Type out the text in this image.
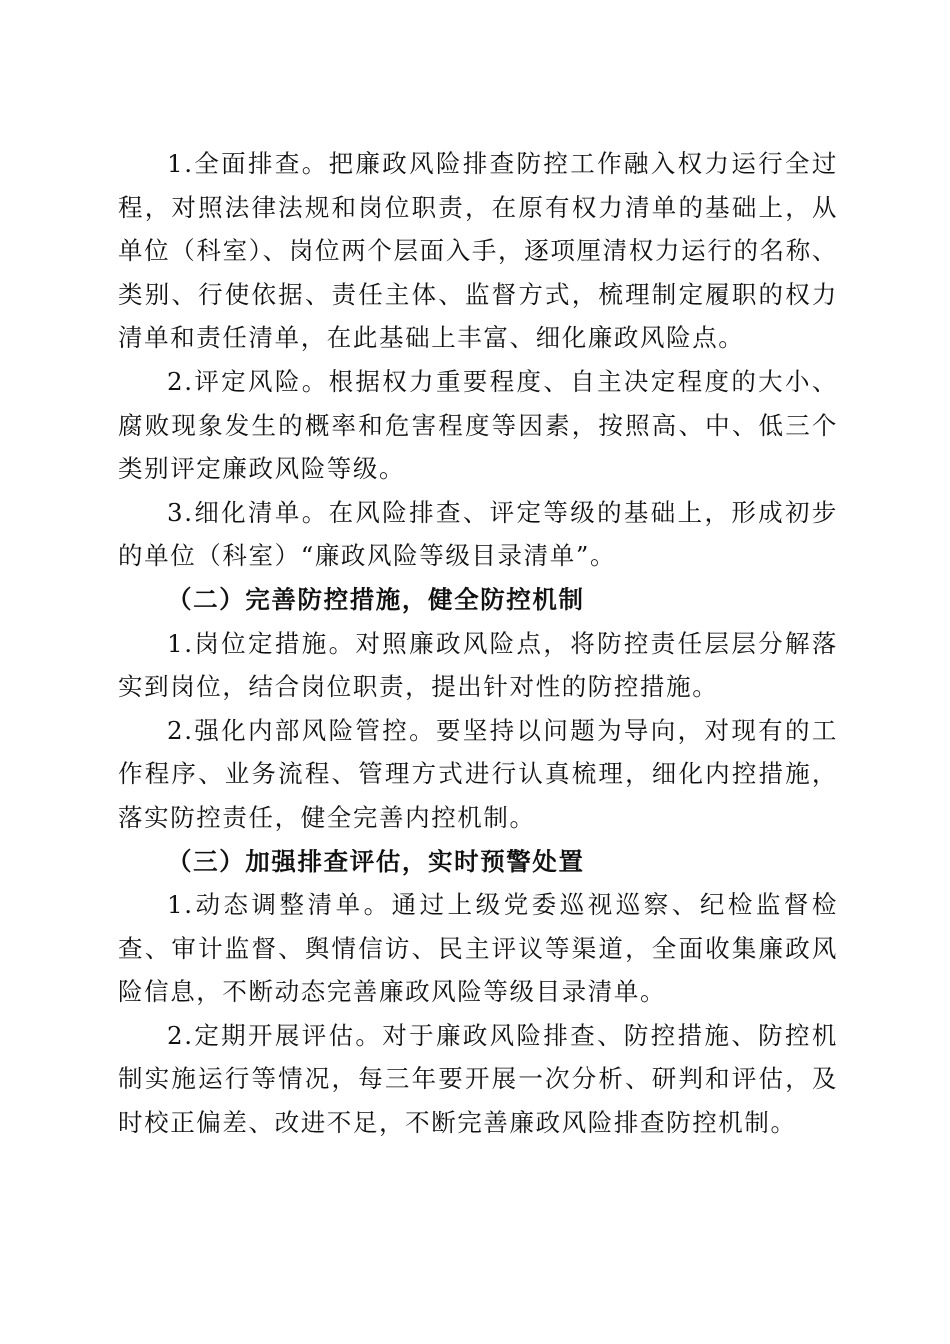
1.全面排查。把廉政风险排查防控工作融入权力运行全过程，对照法律法规和岗位职责，在原有权力清单的基础上，从单位（科室）、岗位两个层面入手，逐项厘清权力运行的名称、类别、行使依据、责任主体、监督方式，梳理制定履职的权力清单和责任清单，在此基础上丰富、细化廉政风险点。

2.评定风险。根据权力重要程度、自主决定程度的大小、腐败现象发生的概率和危害程度等因素，按照高、中、低三个类别评定廉政风险等级。

3.细化清单。在风险排查、评定等级的基础上，形成初步的单位（科室）“廉政风险等级目录清单”。

（二）完善防控措施，健全防控机制

1.岗位定措施。对照廉政风险点，将防控责任层层分解落实到岗位，结合岗位职责，提出针对性的防控措施。

2.强化内部风险管控。要坚持以问题为导向，对现有的工作程序、业务流程、管理方式进行认真梳理，细化内控措施，落实防控责任，健全完善内控机制。

（三）加强排查评估，实时预警处置

1.动态调整清单。通过上级党委巡视巡察、纪检监督检查、审计监督、舆情信访、民主评议等渠道，全面收集廉政风险信息，不断动态完善廉政风险等级目录清单。

2.定期开展评估。对于廉政风险排查、防控措施、防控机制实施运行等情况，每三年要开展一次分析、研判和评估，及时校正偏差、改进不足，不断完善廉政风险排查防控机制。
